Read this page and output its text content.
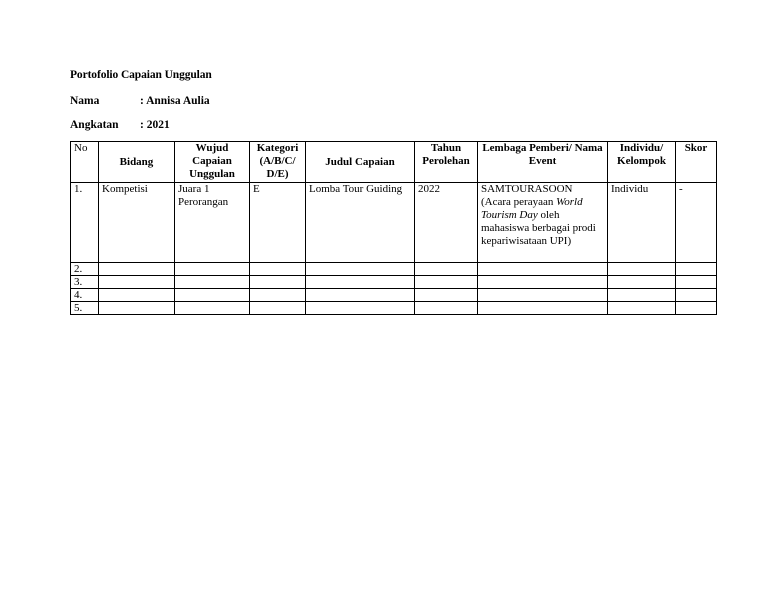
Portofolio Capaian Unggulan
Nama	: Annisa Aulia
Angkatan : 2021
No	Bidang	Wujud Capaian Unggulan	Kategori (A/B/C/ D/E)	Judul Capaian	Tahun Perolehan	Lembaga Pemberi/ Nama Event	Individu/ Kelompok	Skor
1.	Kompetisi	Juara 1 Perorangan	E	Lomba Tour Guiding	2022	SAMTOURASOON (Acara perayaan World Tourism Day oleh mahasiswa berbagai prodi kepariwisataan UPI)	Individu	-
2.								
3.								
4.								
5.								
